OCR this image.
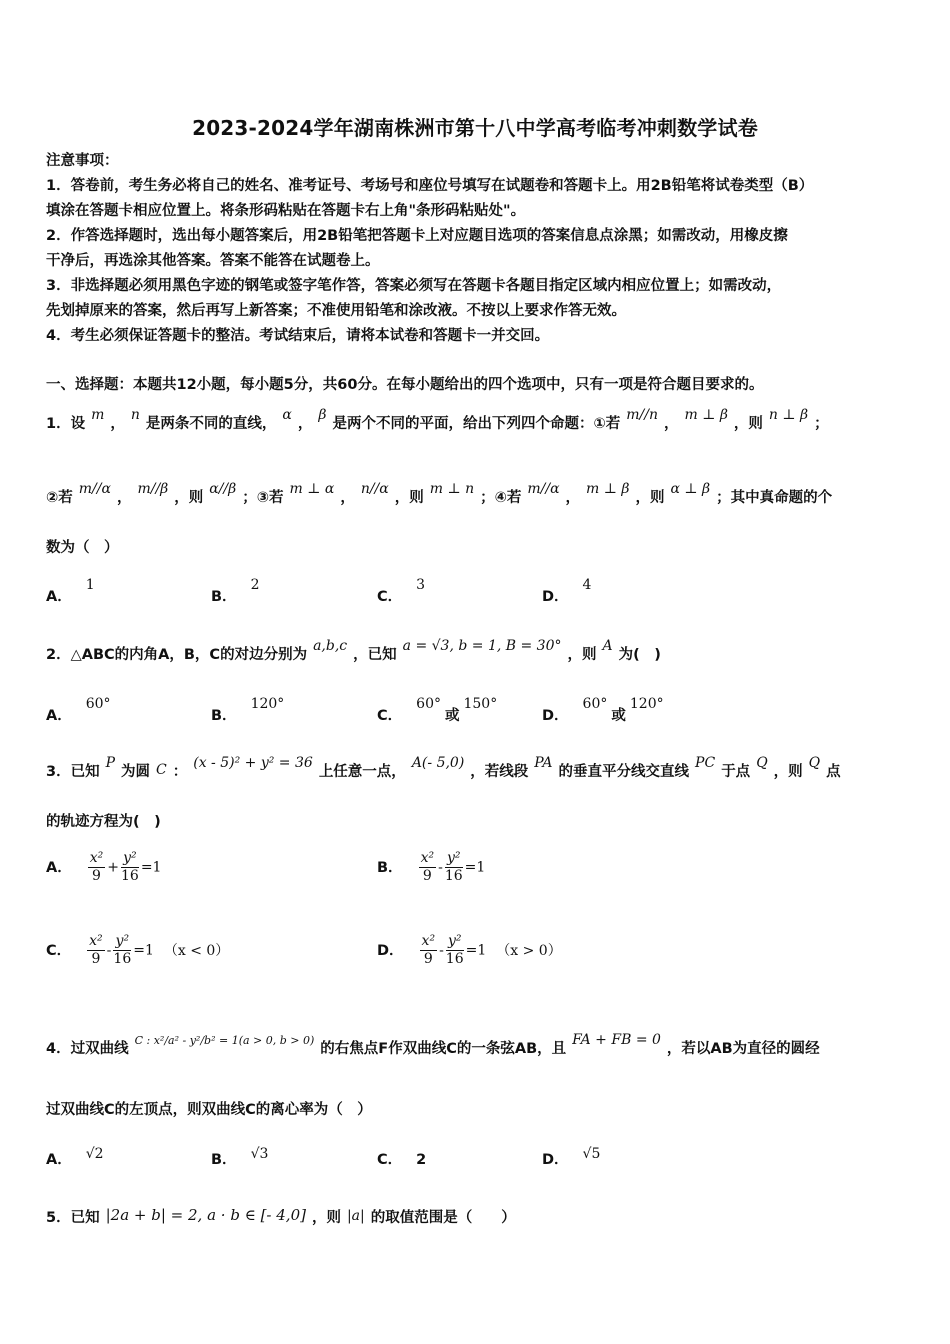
2023-2024学年湖南株洲市第十八中学高考临考冲刺数学试卷
注意事项：
1．答卷前，考生务必将自己的姓名、准考证号、考场号和座位号填写在试题卷和答题卡上。用2B铅笔将试卷类型（B）
填涂在答题卡相应位置上。将条形码粘贴在答题卡右上角"条形码粘贴处"。
2．作答选择题时，选出每小题答案后，用2B铅笔把答题卡上对应题目选项的答案信息点涂黑；如需改动，用橡皮擦
干净后，再选涂其他答案。答案不能答在试题卷上。
3．非选择题必须用黑色字迹的钢笔或签字笔作答，答案必须写在答题卡各题目指定区域内相应位置上；如需改动，
先划掉原来的答案，然后再写上新答案；不准使用铅笔和涂改液。不按以上要求作答无效。
4．考生必须保证答题卡的整洁。考试结束后，请将本试卷和答题卡一并交回。
一、选择题：本题共12小题，每小题5分，共60分。在每小题给出的四个选项中，只有一项是符合题目要求的。
1．设m，n是两条不同的直线，α，β是两个不同的平面，给出下列四个命题：①若m//n，m ⊥ β，则n ⊥ β；
②若m//α，m//β，则α//β；③若m ⊥ α，n//α，则m ⊥ n；④若m//α，m ⊥ β，则α ⊥ β；其中真命题的个
数为（　）
A．1
B．2
C．3
D．4
2．△ABC的内角A，B，C的对边分别为a,b,c，已知a = √3, b = 1, B = 30°，则A为(　)
A．60°
B．120°
C．60°或150°
D．60°或120°
3．已知P为圆 C ：(x - 5)² + y² = 36上任意一点，A(- 5,0)，若线段PA的垂直平分线交直线PC于点Q，则Q点
的轨迹方程为(　)
A． $\frac{\text{x²}}{9} + \frac{\text{y²}}{16} =1$	B． $\frac{\text{x²}}{9} - \frac{\text{y²}}{16} =1$
C． $\frac{\text{x²}}{9} - \frac{\text{y²}}{16} =1$ （x < 0）	D． $\frac{\text{x²}}{9} - \frac{\text{y²}}{16} =1$ （x > 0）
4．过双曲线$^{C : x^2/a^2 - y^2/b^2 = 1(a > 0, b > 0)}$的右焦点F作双曲线C的一条弦AB，且FA + FB = 0，若以AB为直径的圆经
过双曲线C的左顶点，则双曲线C的离心率为（　）
A． √2	B． √3	C． 2	D． √5
5．已知 |2a + b| = 2, a · b ∈ [- 4,0] ，则 |a| 的取值范围是（　　）
